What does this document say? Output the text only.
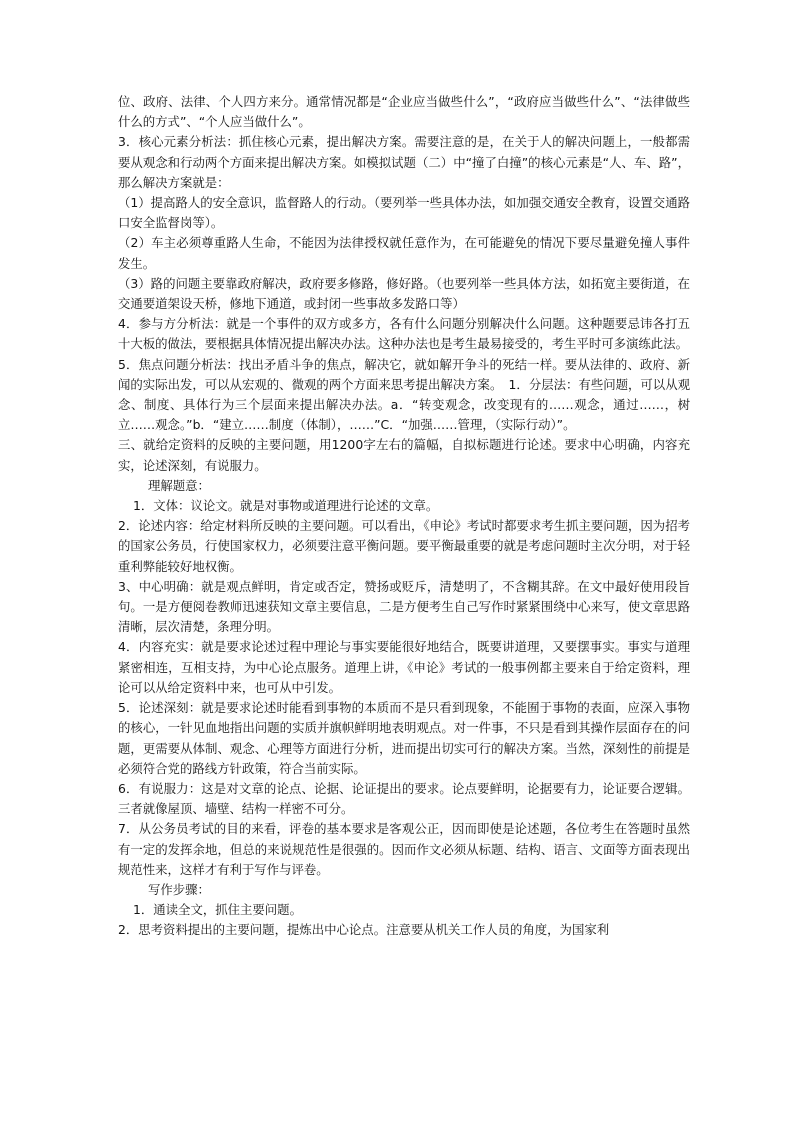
位、政府、法律、个人四方来分。通常情况都是“企业应当做些什么”，“政府应当做些什么”、“法律做些什么的方式”、“个人应当做什么”。

3．核心元素分析法：抓住核心元素，提出解决方案。需要注意的是，在关于人的解决问题上，一般都需要从观念和行动两个方面来提出解决方案。如模拟试题（二）中“撞了白撞”的核心元素是“人、车、路”，那么解决方案就是：

（1）提高路人的安全意识，监督路人的行动。（要列举一些具体办法，如加强交通安全教育，设置交通路口安全监督岗等）。

（2）车主必须尊重路人生命，不能因为法律授权就任意作为，在可能避免的情况下要尽量避免撞人事件发生。

（3）路的问题主要靠政府解决，政府要多修路，修好路。（也要列举一些具体方法，如拓宽主要街道，在交通要道架设天桥，修地下通道，或封闭一些事故多发路口等）

4．参与方分析法：就是一个事件的双方或多方，各有什么问题分别解决什么问题。这种题要忌讳各打五十大板的做法，要根据具体情况提出解决办法。这种办法也是考生最易接受的，考生平时可多演练此法。

5．焦点问题分析法：找出矛盾斗争的焦点，解决它，就如解开争斗的死结一样。要从法律的、政府、新闻的实际出发，可以从宏观的、微观的两个方面来思考提出解决方案。　1．分层法：有些问题，可以从观念、制度、具体行为三个层面来提出解决办法。a．“转变观念，改变现有的……观念，通过……，树立……观念。”b．“建立……制度（体制），……”C．“加强……管理，（实际行动）”。

三、就给定资料的反映的主要问题，用1200字左右的篇幅，自拟标题进行论述。要求中心明确，内容充实，论述深刻，有说服力。

理解题意：

1．文体：议论文。就是对事物或道理进行论述的文章。

2．论述内容：给定材料所反映的主要问题。可以看出，《申论》考试时都要求考生抓主要问题，因为招考的国家公务员，行使国家权力，必须要注意平衡问题。要平衡最重要的就是考虑问题时主次分明，对于轻重利弊能较好地权衡。

3、中心明确：就是观点鲜明，肯定或否定，赞扬或贬斥，清楚明了，不含糊其辞。在文中最好使用段旨句。一是方便阅卷教师迅速获知文章主要信息，二是方便考生自己写作时紧紧围绕中心来写，使文章思路清晰，层次清楚，条理分明。

4．内容充实：就是要求论述过程中理论与事实要能很好地结合，既要讲道理，又要摆事实。事实与道理紧密相连，互相支持，为中心论点服务。道理上讲，《申论》考试的一般事例都主要来自于给定资料，理论可以从给定资料中来，也可从中引发。

5．论述深刻：就是要求论述时能看到事物的本质而不是只看到现象，不能囿于事物的表面，应深入事物的核心，一针见血地指出问题的实质并旗帜鲜明地表明观点。对一件事，不只是看到其操作层面存在的问题，更需要从体制、观念、心理等方面进行分析，进而提出切实可行的解决方案。当然，深刻性的前提是必须符合党的路线方针政策，符合当前实际。

6．有说服力：这是对文章的论点、论据、论证提出的要求。论点要鲜明，论据要有力，论证要合逻辑。三者就像屋顶、墙壁、结构一样密不可分。

7．从公务员考试的目的来看，评卷的基本要求是客观公正，因而即使是论述题，各位考生在答题时虽然有一定的发挥余地，但总的来说规范性是很强的。因而作文必须从标题、结构、语言、文面等方面表现出规范性来，这样才有利于写作与评卷。

写作步骤：

1．通读全文，抓住主要问题。

2．思考资料提出的主要问题，提炼出中心论点。注意要从机关工作人员的角度，为国家利
